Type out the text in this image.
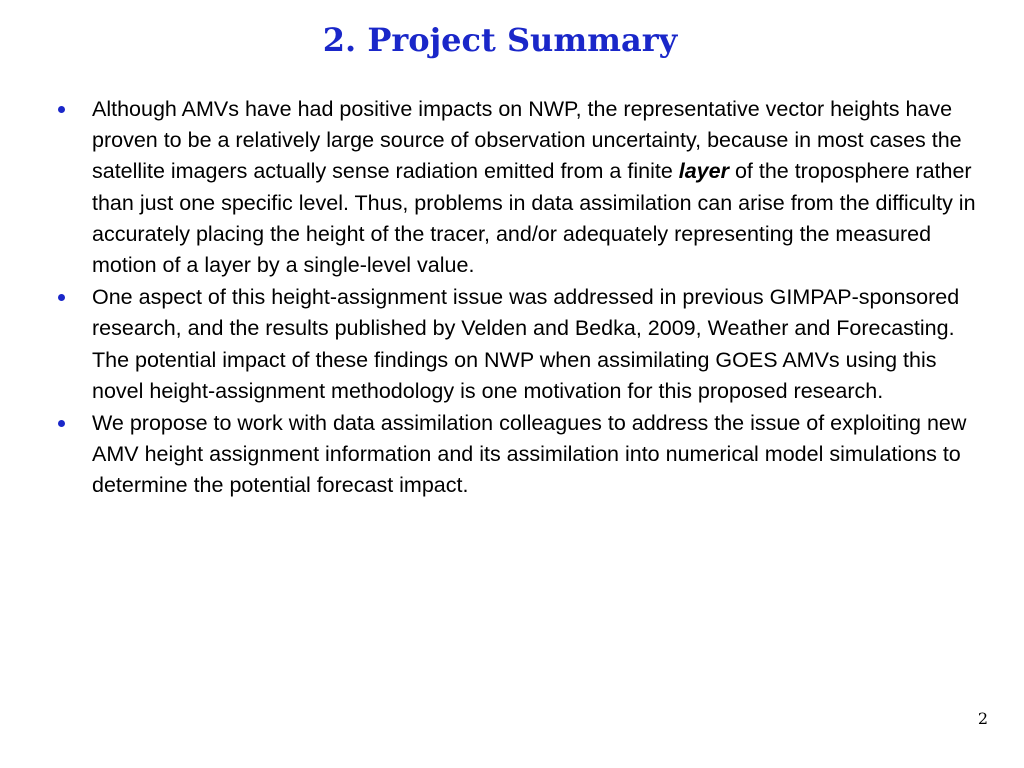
2. Project Summary
Although AMVs have had positive impacts on NWP, the representative vector heights have proven to be a relatively large source of observation uncertainty, because in most cases the satellite imagers actually sense radiation emitted from a finite layer of the troposphere rather than just one specific level. Thus, problems in data assimilation can arise from the difficulty in accurately placing the height of the tracer, and/or adequately representing the measured motion of a layer by a single-level value.
One aspect of this height-assignment issue was addressed in previous GIMPAP-sponsored research, and the results published by Velden and Bedka, 2009, Weather and Forecasting. The potential impact of these findings on NWP when assimilating GOES AMVs using this novel height-assignment methodology is one motivation for this proposed research.
We propose to work with data assimilation colleagues to address the issue of exploiting new AMV height assignment information and its assimilation into numerical model simulations to determine the potential forecast impact.
2
